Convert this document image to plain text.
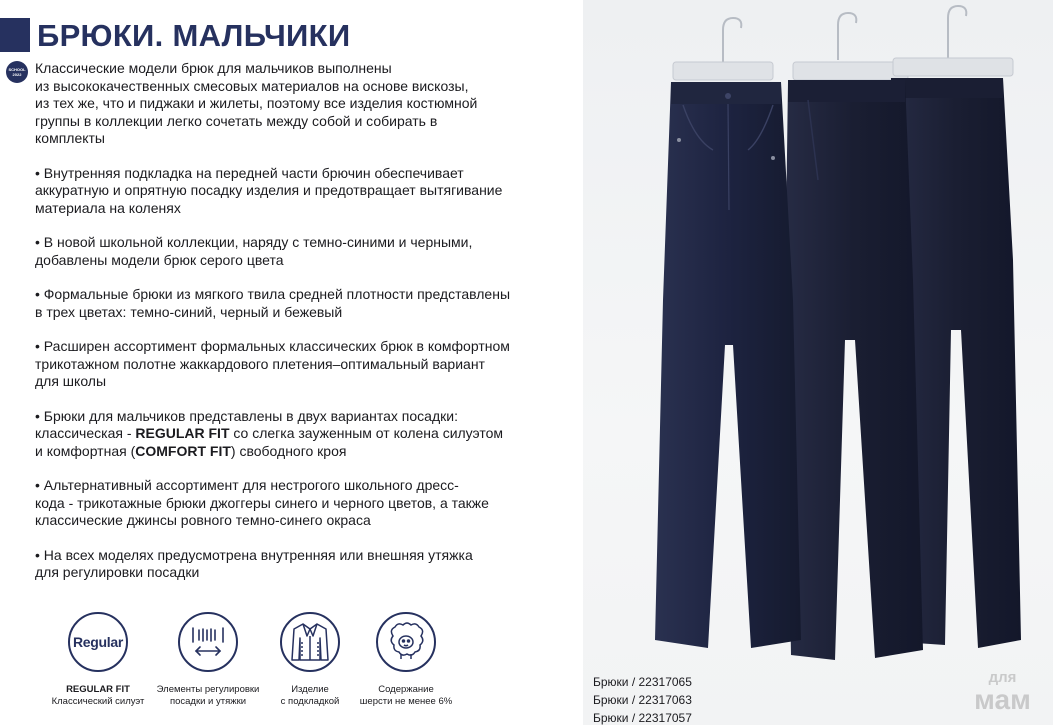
БРЮКИ. МАЛЬЧИКИ
SCHOOL
2022 Классические модели брюк для мальчиков выполнены
из высококачественных смесовых материалов на основе вискозы,
из тех же, что и пиджаки и жилеты, поэтому все изделия костюмной
группы в коллекции легко сочетать между собой и собирать в
комплекты

• Внутренняя подкладка на передней части брючин обеспечивает
аккуратную и опрятную посадку изделия и предотвращает вытягивание
материала на коленях

• В новой школьной коллекции, наряду с темно-синими и черными,
добавлены модели брюк серого цвета

• Формальные брюки из мягкого твила средней плотности представлены
в трех цветах: темно-синий, черный и бежевый

• Расширен ассортимент формальных классических брюк в комфортном
трикотажном полотне жаккардового плетения–оптимальный вариант
для школы

• Брюки для мальчиков представлены в двух вариантах посадки:
классическая - REGULAR FIT со слегка зауженным от колена силуэтом
и комфортная (COMFORT FIT) свободного кроя

• Альтернативный ассортимент для нестрогого школьного дресс-
кода - трикотажные брюки джоггеры синего и черного цветов, а также
классические джинсы ровного темно-синего окраса

• На всех моделях предусмотрена внутренняя или внешняя утяжка
для регулировки посадки

Regular
REGULAR FIT
Классический силуэт
Элементы регулировки
посадки и утяжки
Изделие
с подкладкой
Содержание
шерсти не менее 6%
Брюки / 22317065
Брюки / 22317063
Брюки / 22317057
для
мам
